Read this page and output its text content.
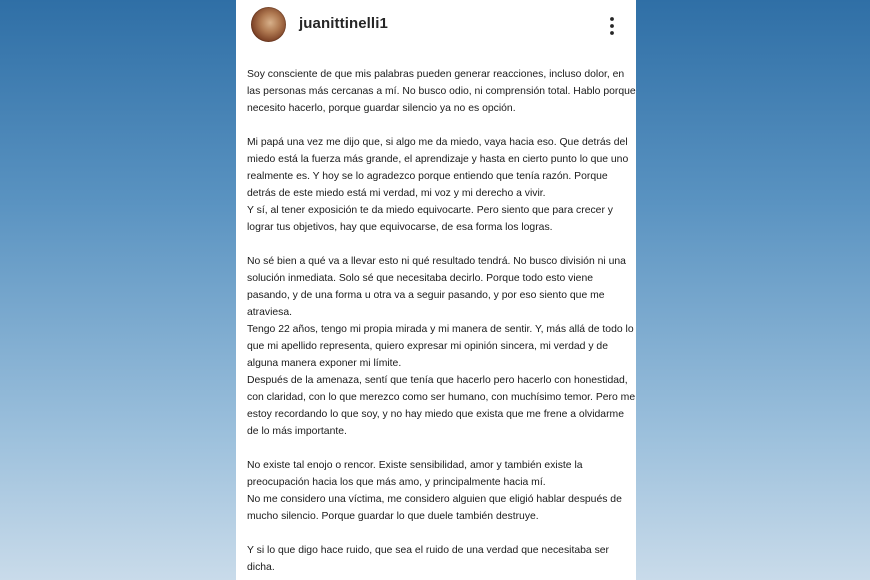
juanittinelli1
Soy consciente de que mis palabras pueden generar reacciones, incluso dolor, en
las personas más cercanas a mí. No busco odio, ni comprensión total. Hablo porque
necesito hacerlo, porque guardar silencio ya no es opción.
Mi papá una vez me dijo que, si algo me da miedo, vaya hacia eso. Que detrás del
miedo está la fuerza más grande, el aprendizaje y hasta en cierto punto lo que uno
realmente es. Y hoy se lo agradezco porque entiendo que tenía razón. Porque
detrás de este miedo está mi verdad, mi voz y mi derecho a vivir.
Y sí, al tener exposición te da miedo equivocarte. Pero siento que para crecer y
lograr tus objetivos, hay que equivocarse, de esa forma los logras.
No sé bien a qué va a llevar esto ni qué resultado tendrá. No busco división ni una
solución inmediata. Solo sé que necesitaba decirlo. Porque todo esto viene
pasando, y de una forma u otra va a seguir pasando, y por eso siento que me
atraviesa.
Tengo 22 años, tengo mi propia mirada y mi manera de sentir. Y, más allá de todo lo
que mi apellido representa, quiero expresar mi opinión sincera, mi verdad y de
alguna manera exponer mi límite.
Después de la amenaza, sentí que tenía que hacerlo pero hacerlo con honestidad,
con claridad, con lo que merezco como ser humano, con muchísimo temor. Pero me
estoy recordando lo que soy, y no hay miedo que exista que me frene a olvidarme
de lo más importante.
No existe tal enojo o rencor. Existe sensibilidad, amor y también existe la
preocupación hacia los que más amo, y principalmente hacia mí.
No me considero una víctima, me considero alguien que eligió hablar después de
mucho silencio. Porque guardar lo que duele también destruye.
Y si lo que digo hace ruido, que sea el ruido de una verdad que necesitaba ser
dicha.
